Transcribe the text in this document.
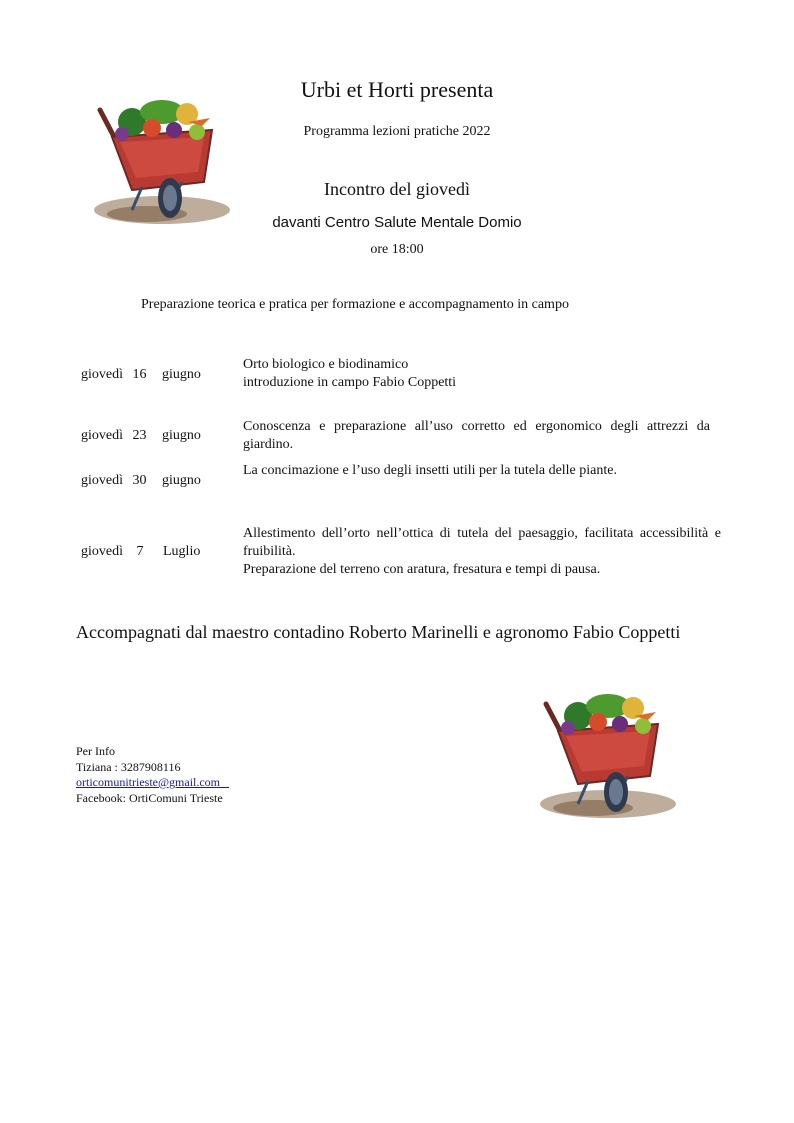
Urbi et Horti presenta
Programma lezioni pratiche 2022
Incontro del giovedì
davanti Centro Salute Mentale Domio
ore 18:00
Preparazione teorica e pratica per formazione e accompagnamento in campo
giovedì 16 giugno
Orto biologico e biodinamico
introduzione in campo Fabio Coppetti
giovedì 23 giugno
Conoscenza e preparazione all’uso corretto ed ergonomico degli attrezzi da giardino.
giovedì 30 giugno
La concimazione e l’uso degli insetti utili per la tutela delle piante.
giovedì 7 Luglio
Allestimento dell’orto nell’ottica di tutela del paesaggio, facilitata accessibilità e fruibilità.
Preparazione del terreno con aratura, fresatura e tempi di pausa.
Accompagnati dal maestro contadino Roberto Marinelli e agronomo Fabio Coppetti
Per Info
Tiziana : 3287908116
orticomunitrieste@gmail.com
Facebook: OrtiComuni Trieste
